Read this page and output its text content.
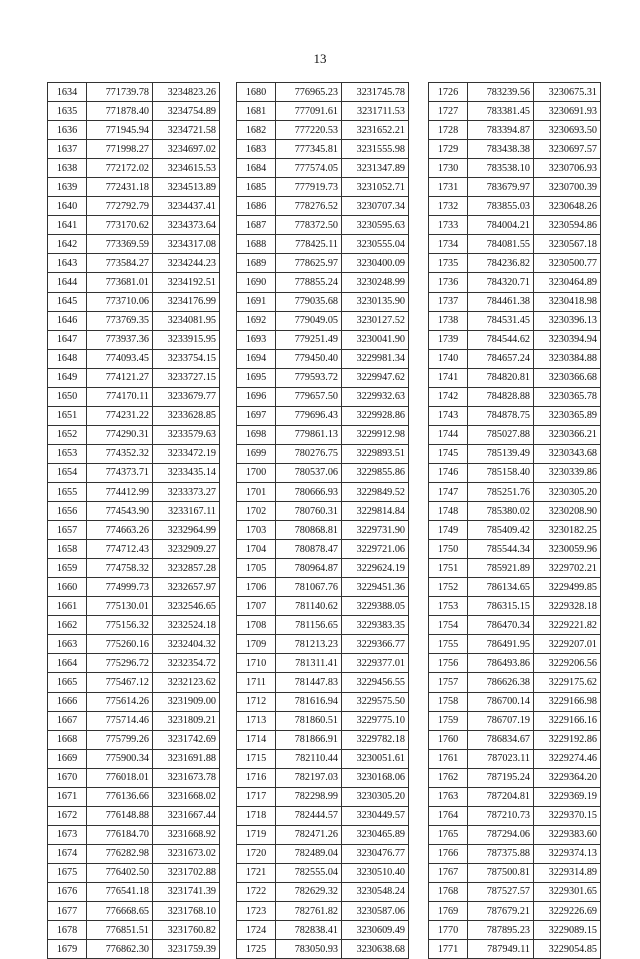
13
1634	771739.78	3234823.26
1635	771878.40	3234754.89
1636	771945.94	3234721.58
1637	771998.27	3234697.02
1638	772172.02	3234615.53
1639	772431.18	3234513.89
1640	772792.79	3234437.41
1641	773170.62	3234373.64
1642	773369.59	3234317.08
1643	773584.27	3234244.23
1644	773681.01	3234192.51
1645	773710.06	3234176.99
1646	773769.35	3234081.95
1647	773937.36	3233915.95
1648	774093.45	3233754.15
1649	774121.27	3233727.15
1650	774170.11	3233679.77
1651	774231.22	3233628.85
1652	774290.31	3233579.63
1653	774352.32	3233472.19
1654	774373.71	3233435.14
1655	774412.99	3233373.27
1656	774543.90	3233167.11
1657	774663.26	3232964.99
1658	774712.43	3232909.27
1659	774758.32	3232857.28
1660	774999.73	3232657.97
1661	775130.01	3232546.65
1662	775156.32	3232524.18
1663	775260.16	3232404.32
1664	775296.72	3232354.72
1665	775467.12	3232123.62
1666	775614.26	3231909.00
1667	775714.46	3231809.21
1668	775799.26	3231742.69
1669	775900.34	3231691.88
1670	776018.01	3231673.78
1671	776136.66	3231668.02
1672	776148.88	3231667.44
1673	776184.70	3231668.92
1674	776282.98	3231673.02
1675	776402.50	3231702.88
1676	776541.18	3231741.39
1677	776668.65	3231768.10
1678	776851.51	3231760.82
1679	776862.30	3231759.39
1680	776965.23	3231745.78
1681	777091.61	3231711.53
1682	777220.53	3231652.21
1683	777345.81	3231555.98
1684	777574.05	3231347.89
1685	777919.73	3231052.71
1686	778276.52	3230707.34
1687	778372.50	3230595.63
1688	778425.11	3230555.04
1689	778625.97	3230400.09
1690	778855.24	3230248.99
1691	779035.68	3230135.90
1692	779049.05	3230127.52
1693	779251.49	3230041.90
1694	779450.40	3229981.34
1695	779593.72	3229947.62
1696	779657.50	3229932.63
1697	779696.43	3229928.86
1698	779861.13	3229912.98
1699	780276.75	3229893.51
1700	780537.06	3229855.86
1701	780666.93	3229849.52
1702	780760.31	3229814.84
1703	780868.81	3229731.90
1704	780878.47	3229721.06
1705	780964.87	3229624.19
1706	781067.76	3229451.36
1707	781140.62	3229388.05
1708	781156.65	3229383.35
1709	781213.23	3229366.77
1710	781311.41	3229377.01
1711	781447.83	3229456.55
1712	781616.94	3229575.50
1713	781860.51	3229775.10
1714	781866.91	3229782.18
1715	782110.44	3230051.61
1716	782197.03	3230168.06
1717	782298.99	3230305.20
1718	782444.57	3230449.57
1719	782471.26	3230465.89
1720	782489.04	3230476.77
1721	782555.04	3230510.40
1722	782629.32	3230548.24
1723	782761.82	3230587.06
1724	782838.41	3230609.49
1725	783050.93	3230638.68
1726	783239.56	3230675.31
1727	783381.45	3230691.93
1728	783394.87	3230693.50
1729	783438.38	3230697.57
1730	783538.10	3230706.93
1731	783679.97	3230700.39
1732	783855.03	3230648.26
1733	784004.21	3230594.86
1734	784081.55	3230567.18
1735	784236.82	3230500.77
1736	784320.71	3230464.89
1737	784461.38	3230418.98
1738	784531.45	3230396.13
1739	784544.62	3230394.94
1740	784657.24	3230384.88
1741	784820.81	3230366.68
1742	784828.88	3230365.78
1743	784878.75	3230365.89
1744	785027.88	3230366.21
1745	785139.49	3230343.68
1746	785158.40	3230339.86
1747	785251.76	3230305.20
1748	785380.02	3230208.90
1749	785409.42	3230182.25
1750	785544.34	3230059.96
1751	785921.89	3229702.21
1752	786134.65	3229499.85
1753	786315.15	3229328.18
1754	786470.34	3229221.82
1755	786491.95	3229207.01
1756	786493.86	3229206.56
1757	786626.38	3229175.62
1758	786700.14	3229166.98
1759	786707.19	3229166.16
1760	786834.67	3229192.86
1761	787023.11	3229274.46
1762	787195.24	3229364.20
1763	787204.81	3229369.19
1764	787210.73	3229370.15
1765	787294.06	3229383.60
1766	787375.88	3229374.13
1767	787500.81	3229314.89
1768	787527.57	3229301.65
1769	787679.21	3229226.69
1770	787895.23	3229089.15
1771	787949.11	3229054.85
